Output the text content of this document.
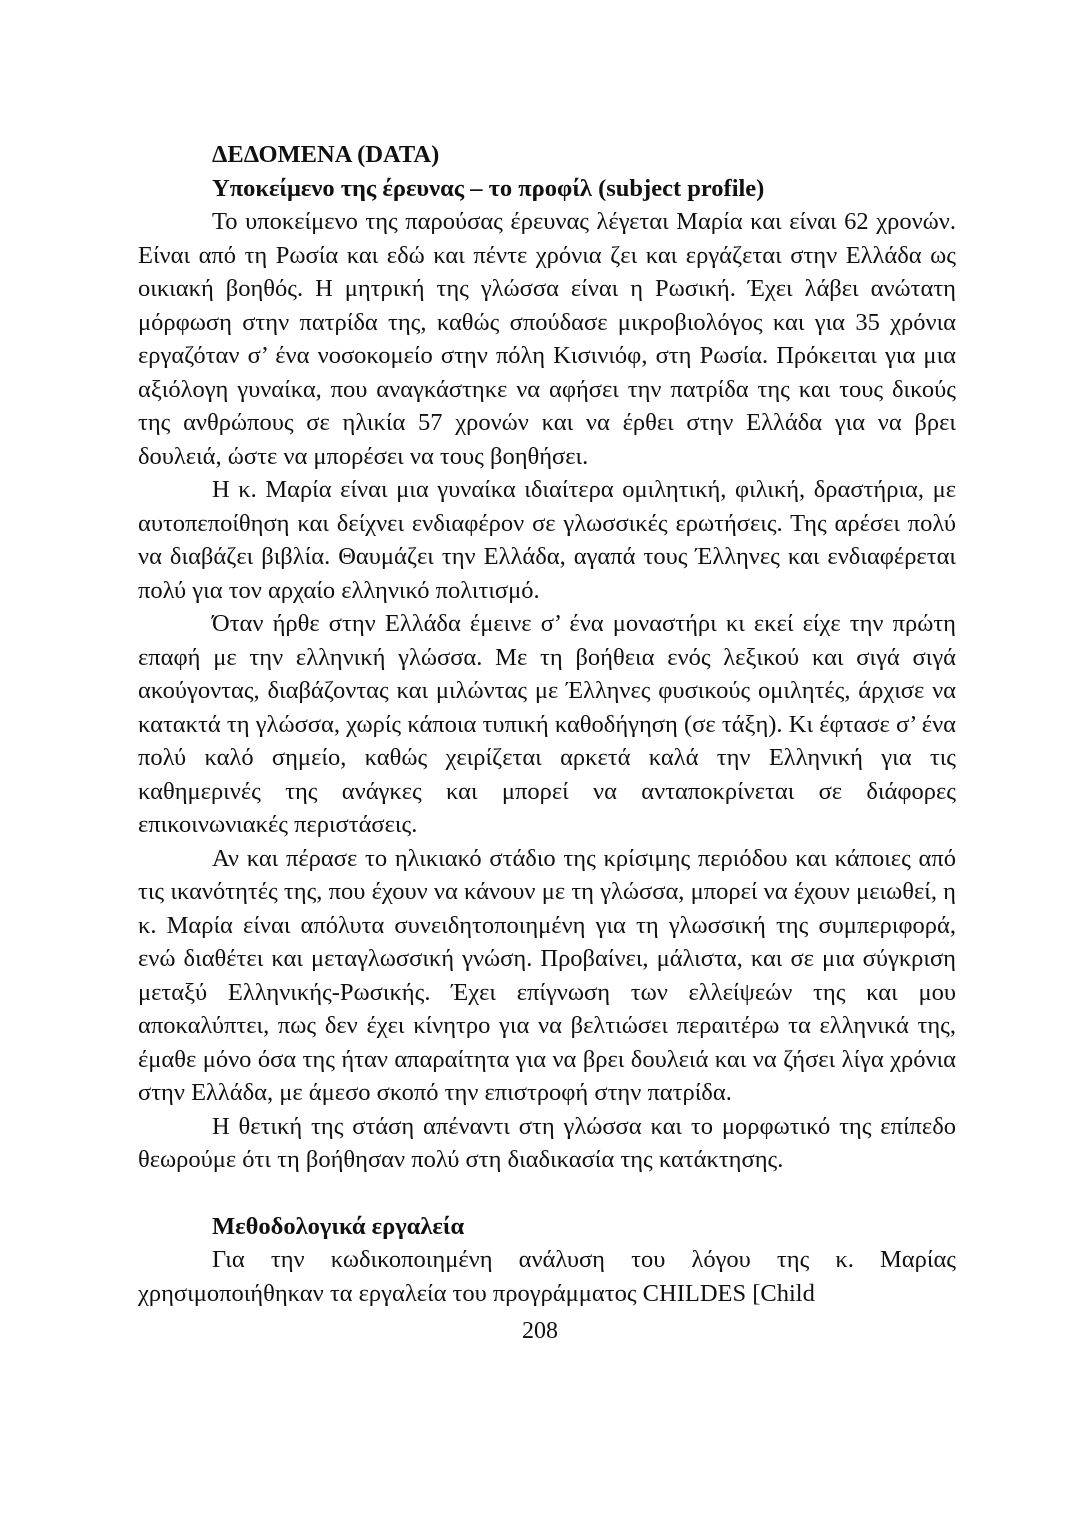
ΔΕΔΟΜΕΝΑ (DATA)
Υποκείμενο της έρευνας – το προφίλ (subject profile)

Το υποκείμενο της παρούσας έρευνας λέγεται Μαρία και είναι 62 χρονών. Είναι από τη Ρωσία και εδώ και πέντε χρόνια ζει και εργάζεται στην Ελλάδα ως οικιακή βοηθός. Η μητρική της γλώσσα είναι η Ρωσική. Έχει λάβει ανώτατη μόρφωση στην πατρίδα της, καθώς σπούδασε μικροβιολόγος και για 35 χρόνια εργαζόταν σ’ ένα νοσοκομείο στην πόλη Κισινιόφ, στη Ρωσία. Πρόκειται για μια αξιόλογη γυναίκα, που αναγκάστηκε να αφήσει την πατρίδα της και τους δικούς της ανθρώπους σε ηλικία 57 χρονών και να έρθει στην Ελλάδα για να βρει δουλειά, ώστε να μπορέσει να τους βοηθήσει.

Η κ. Μαρία είναι μια γυναίκα ιδιαίτερα ομιλητική, φιλική, δραστήρια, με αυτοπεποίθηση και δείχνει ενδιαφέρον σε γλωσσικές ερωτήσεις. Της αρέσει πολύ να διαβάζει βιβλία. Θαυμάζει την Ελλάδα, αγαπά τους Έλληνες και ενδιαφέρεται πολύ για τον αρχαίο ελληνικό πολιτισμό.

Όταν ήρθε στην Ελλάδα έμεινε σ’ ένα μοναστήρι κι εκεί είχε την πρώτη επαφή με την ελληνική γλώσσα. Με τη βοήθεια ενός λεξικού και σιγά σιγά ακούγοντας, διαβάζοντας και μιλώντας με Έλληνες φυσικούς ομιλητές, άρχισε να κατακτά τη γλώσσα, χωρίς κάποια τυπική καθοδήγηση (σε τάξη). Κι έφτασε σ’ ένα πολύ καλό σημείο, καθώς χειρίζεται αρκετά καλά την Ελληνική για τις καθημερινές της ανάγκες και μπορεί να ανταποκρίνεται σε διάφορες επικοινωνιακές περιστάσεις.

Αν και πέρασε το ηλικιακό στάδιο της κρίσιμης περιόδου και κάποιες από τις ικανότητές της, που έχουν να κάνουν με τη γλώσσα, μπορεί να έχουν μειωθεί, η κ. Μαρία είναι απόλυτα συνειδητοποιημένη για τη γλωσσική της συμπεριφορά, ενώ διαθέτει και μεταγλωσσική γνώση. Προβαίνει, μάλιστα, και σε μια σύγκριση μεταξύ Ελληνικής-Ρωσικής. Έχει επίγνωση των ελλείψεών της και μου αποκαλύπτει, πως δεν έχει κίνητρο για να βελτιώσει περαιτέρω τα ελληνικά της, έμαθε μόνο όσα της ήταν απαραίτητα για να βρει δουλειά και να ζήσει λίγα χρόνια στην Ελλάδα, με άμεσο σκοπό την επιστροφή στην πατρίδα.

Η θετική της στάση απέναντι στη γλώσσα και το μορφωτικό της επίπεδο θεωρούμε ότι τη βοήθησαν πολύ στη διαδικασία της κατάκτησης.

Μεθοδολογικά εργαλεία

Για την κωδικοποιημένη ανάλυση του λόγου της κ. Μαρίας χρησιμοποιήθηκαν τα εργαλεία του προγράμματος CHILDES [Child

208
